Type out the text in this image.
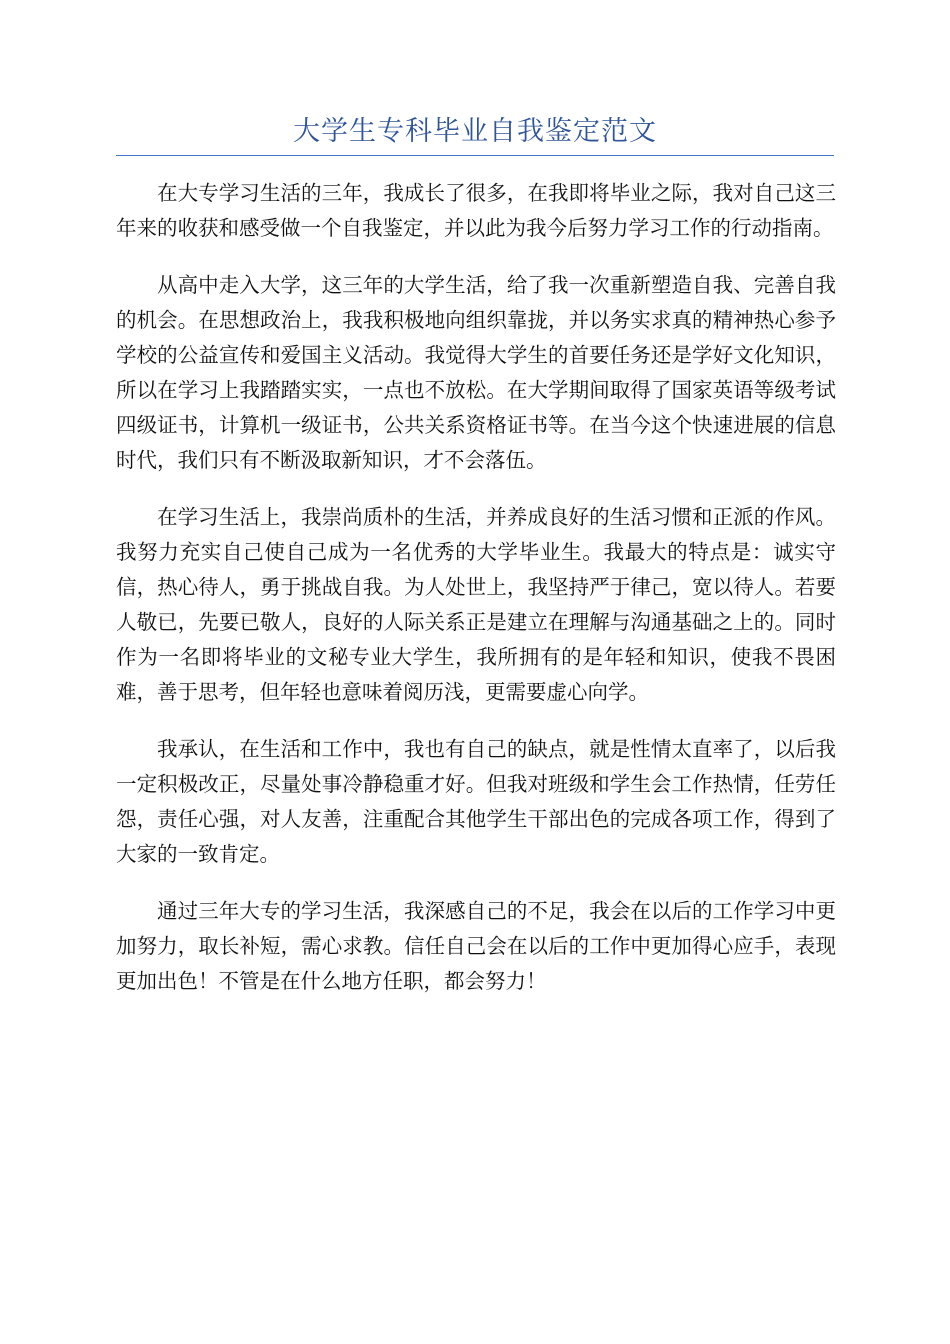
大学生专科毕业自我鉴定范文

在大专学习生活的三年，我成长了很多，在我即将毕业之际，我对自己这三年来的收获和感受做一个自我鉴定，并以此为我今后努力学习工作的行动指南。

从高中走入大学，这三年的大学生活，给了我一次重新塑造自我、完善自我的机会。在思想政治上，我我积极地向组织靠拢，并以务实求真的精神热心参予学校的公益宣传和爱国主义活动。我觉得大学生的首要任务还是学好文化知识，所以在学习上我踏踏实实，一点也不放松。在大学期间取得了国家英语等级考试四级证书，计算机一级证书，公共关系资格证书等。在当今这个快速进展的信息时代，我们只有不断汲取新知识，才不会落伍。

在学习生活上，我崇尚质朴的生活，并养成良好的生活习惯和正派的作风。我努力充实自己使自己成为一名优秀的大学毕业生。我最大的特点是：诚实守信，热心待人，勇于挑战自我。为人处世上，我坚持严于律己，宽以待人。若要人敬已，先要已敬人，良好的人际关系正是建立在理解与沟通基础之上的。同时作为一名即将毕业的文秘专业大学生，我所拥有的是年轻和知识，使我不畏困难，善于思考，但年轻也意味着阅历浅，更需要虚心向学。

我承认，在生活和工作中，我也有自己的缺点，就是性情太直率了，以后我一定积极改正，尽量处事冷静稳重才好。但我对班级和学生会工作热情，任劳任怨，责任心强，对人友善，注重配合其他学生干部出色的完成各项工作，得到了大家的一致肯定。

通过三年大专的学习生活，我深感自己的不足，我会在以后的工作学习中更加努力，取长补短，需心求教。信任自己会在以后的工作中更加得心应手，表现更加出色！不管是在什么地方任职，都会努力！
